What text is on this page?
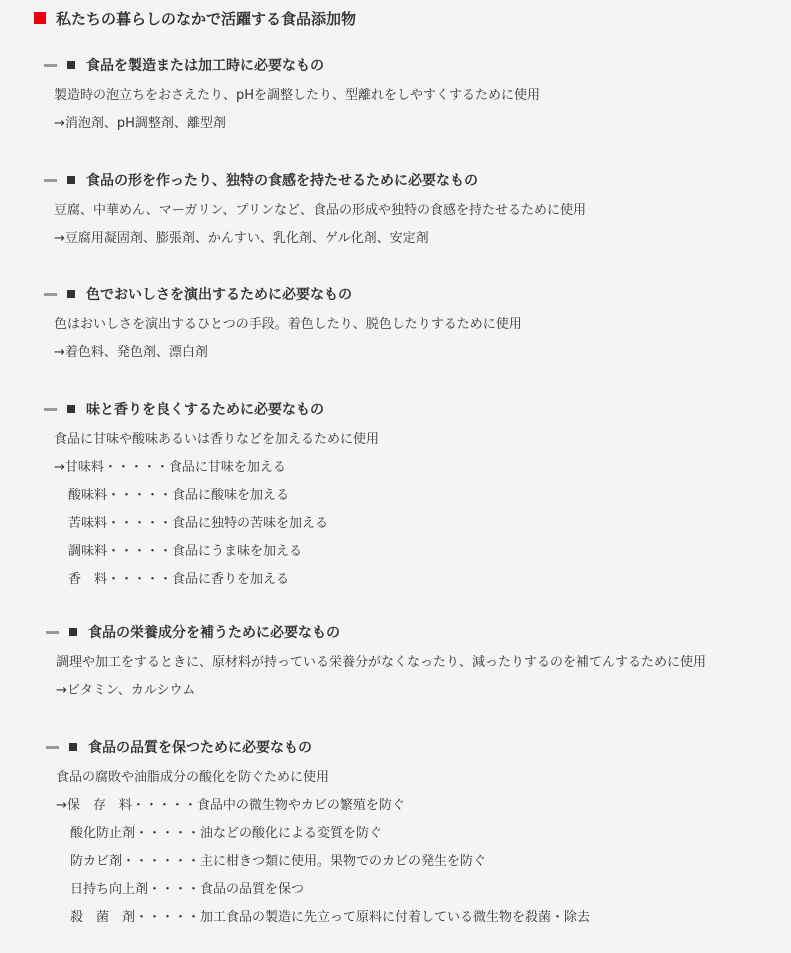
私たちの暮らしのなかで活躍する食品添加物
食品を製造または加工時に必要なもの
製造時の泡立ちをおさえたり、pHを調整したり、型離れをしやすくするために使用
→消泡剤、pH調整剤、離型剤
食品の形を作ったり、独特の食感を持たせるために必要なもの
豆腐、中華めん、マーガリン、プリンなど、食品の形成や独特の食感を持たせるために使用
→豆腐用凝固剤、膨張剤、かんすい、乳化剤、ゲル化剤、安定剤
色でおいしさを演出するために必要なもの
色はおいしさを演出するひとつの手段。着色したり、脱色したりするために使用
→着色料、発色剤、漂白剤
味と香りを良くするために必要なもの
食品に甘味や酸味あるいは香りなどを加えるために使用
→甘味料・・・・・食品に甘味を加える
酸味料・・・・・食品に酸味を加える
苦味料・・・・・食品に独特の苦味を加える
調味料・・・・・食品にうま味を加える
香　料・・・・・食品に香りを加える
食品の栄養成分を補うために必要なもの
調理や加工をするときに、原材料が持っている栄養分がなくなったり、減ったりするのを補てんするために使用
→ビタミン、カルシウム
食品の品質を保つために必要なもの
食品の腐敗や油脂成分の酸化を防ぐために使用
→保　存　料・・・・・食品中の微生物やカビの繁殖を防ぐ
酸化防止剤・・・・・油などの酸化による変質を防ぐ
防カビ剤・・・・・・主に柑きつ類に使用。果物でのカビの発生を防ぐ
日持ち向上剤・・・・食品の品質を保つ
殺　菌　剤・・・・・加工食品の製造に先立って原料に付着している微生物を殺菌・除去
